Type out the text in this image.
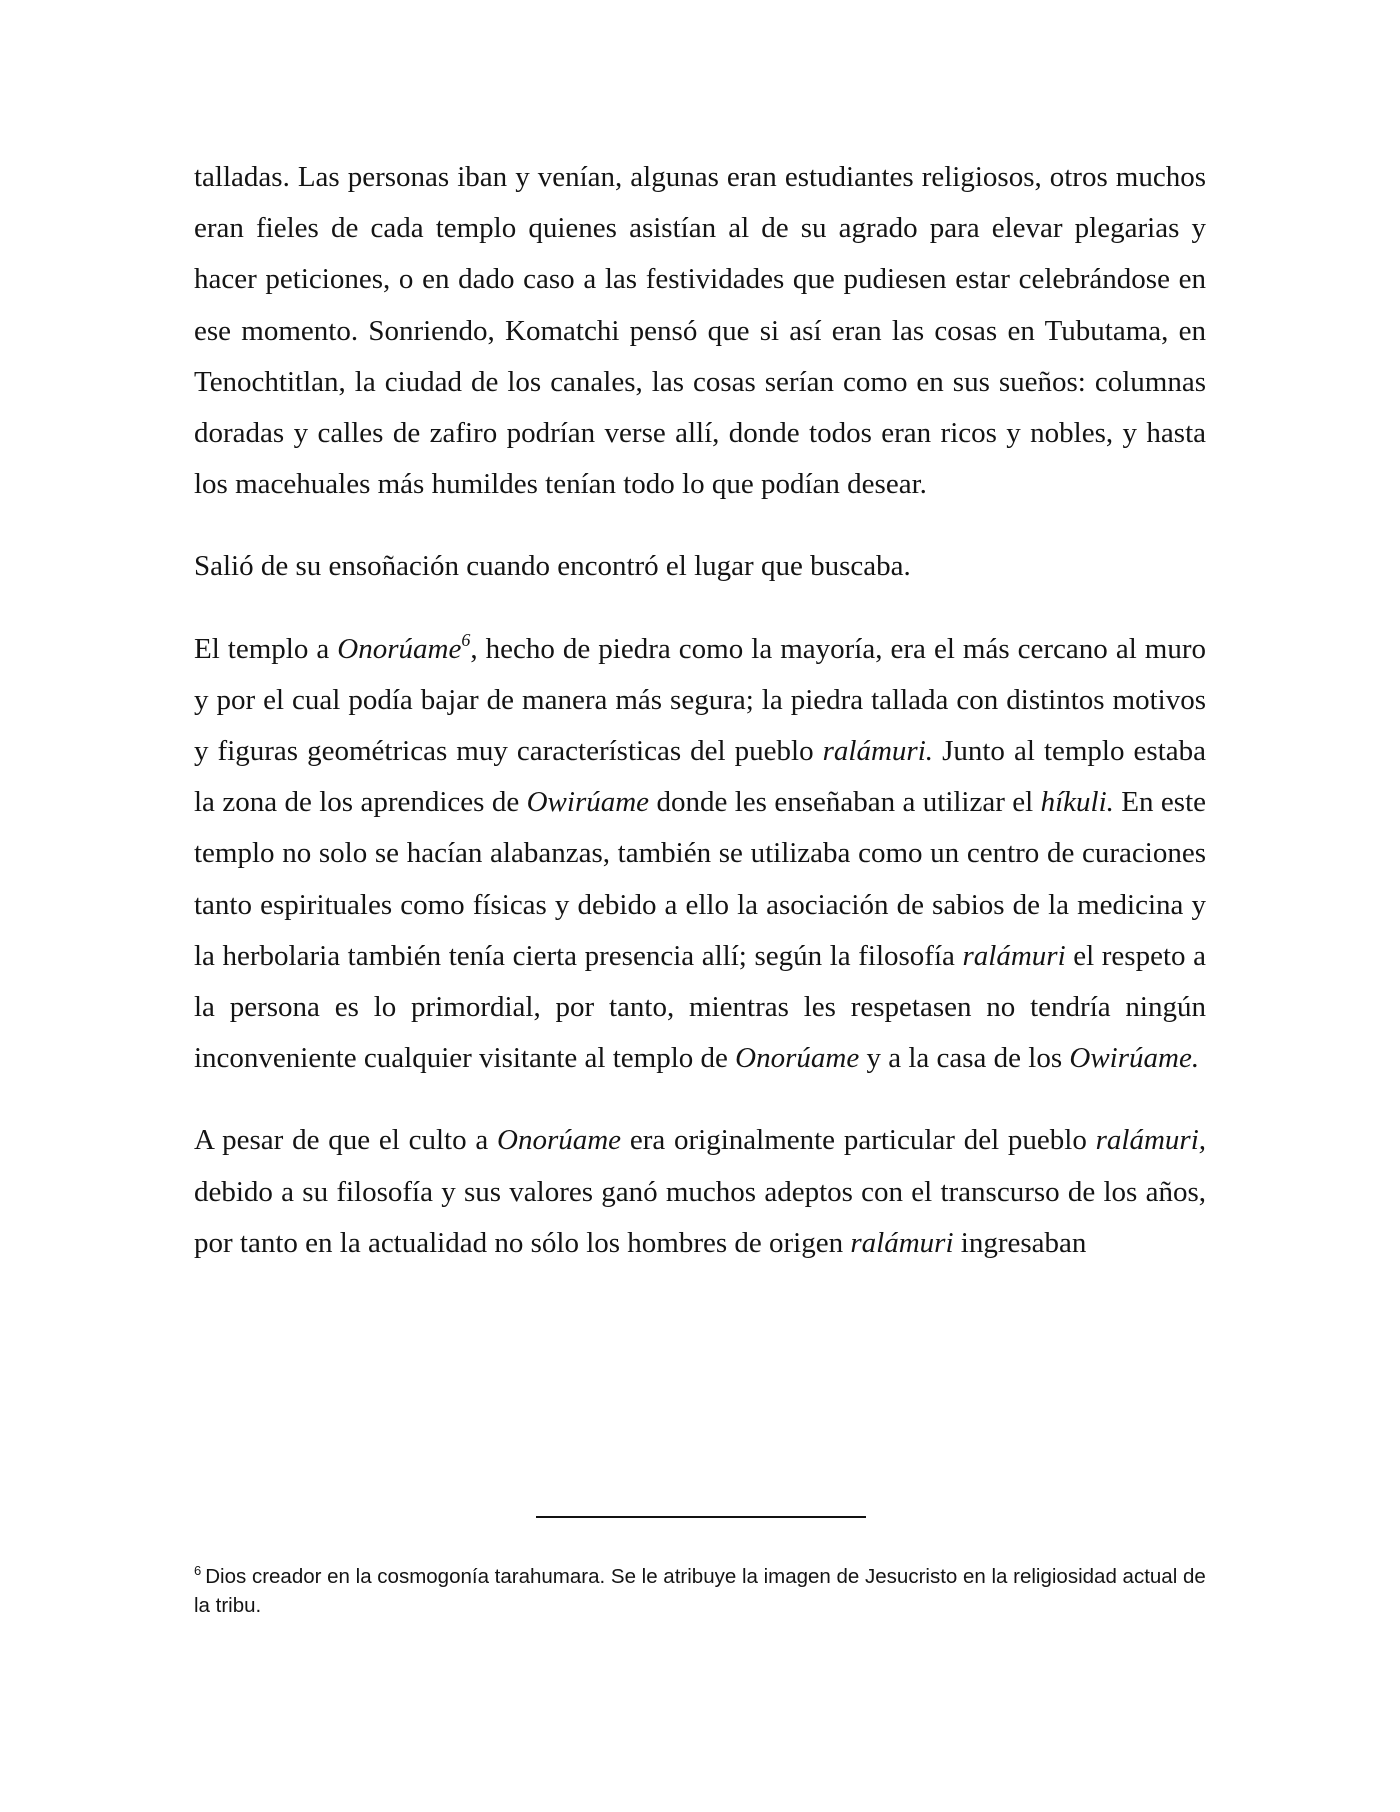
talladas. Las personas iban y venían, algunas eran estudiantes religiosos, otros muchos eran fieles de cada templo quienes asistían al de su agrado para elevar plegarias y hacer peticiones, o en dado caso a las festividades que pudiesen estar celebrándose en ese momento. Sonriendo, Komatchi pensó que si así eran las cosas en Tubutama, en Tenochtitlan, la ciudad de los canales, las cosas serían como en sus sueños: columnas doradas y calles de zafiro podrían verse allí, donde todos eran ricos y nobles, y hasta los macehuales más humildes tenían todo lo que podían desear.

Salió de su ensoñación cuando encontró el lugar que buscaba.

El templo a Onorúame$^6$, hecho de piedra como la mayoría, era el más cercano al muro y por el cual podía bajar de manera más segura; la piedra tallada con distintos motivos y figuras geométricas muy características del pueblo ralámuri. Junto al templo estaba la zona de los aprendices de Owirúame donde les enseñaban a utilizar el híkuli. En este templo no solo se hacían alabanzas, también se utilizaba como un centro de curaciones tanto espirituales como físicas y debido a ello la asociación de sabios de la medicina y la herbolaria también tenía cierta presencia allí; según la filosofía ralámuri el respeto a la persona es lo primordial, por tanto, mientras les respetasen no tendría ningún inconveniente cualquier visitante al templo de Onorúame y a la casa de los Owirúame.

A pesar de que el culto a Onorúame era originalmente particular del pueblo ralámuri, debido a su filosofía y sus valores ganó muchos adeptos con el transcurso de los años, por tanto en la actualidad no sólo los hombres de origen ralámuri ingresaban

$^6$ Dios creador en la cosmogonía tarahumara. Se le atribuye la imagen de Jesucristo en la religiosidad actual de la tribu.
